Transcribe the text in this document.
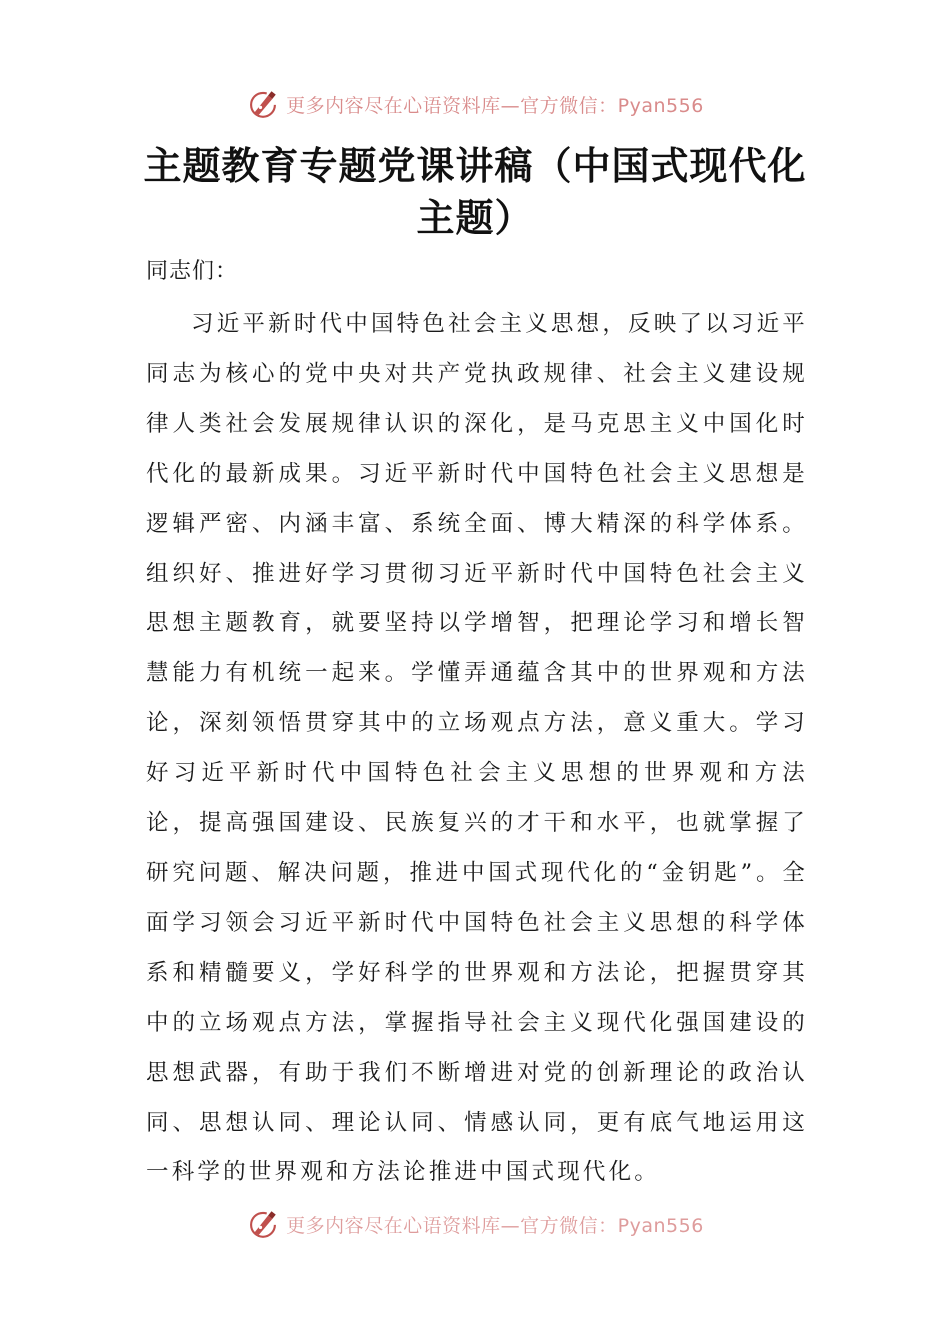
更多内容尽在心语资料库—官方微信：Pyan556
主题教育专题党课讲稿（中国式现代化主题）
同志们：

习近平新时代中国特色社会主义思想，反映了以习近平同志为核心的党中央对共产党执政规律、社会主义建设规律人类社会发展规律认识的深化，是马克思主义中国化时代化的最新成果。习近平新时代中国特色社会主义思想是逻辑严密、内涵丰富、系统全面、博大精深的科学体系。组织好、推进好学习贯彻习近平新时代中国特色社会主义思想主题教育，就要坚持以学增智，把理论学习和增长智慧能力有机统一起来。学懂弄通蕴含其中的世界观和方法论，深刻领悟贯穿其中的立场观点方法，意义重大。学习好习近平新时代中国特色社会主义思想的世界观和方法论，提高强国建设、民族复兴的才干和水平，也就掌握了研究问题、解决问题，推进中国式现代化的“金钥匙”。全面学习领会习近平新时代中国特色社会主义思想的科学体系和精髓要义，学好科学的世界观和方法论，把握贯穿其中的立场观点方法，掌握指导社会主义现代化强国建设的思想武器，有助于我们不断增进对党的创新理论的政治认同、思想认同、理论认同、情感认同，更有底气地运用这一科学的世界观和方法论推进中国式现代化。

更多内容尽在心语资料库—官方微信：Pyan556
